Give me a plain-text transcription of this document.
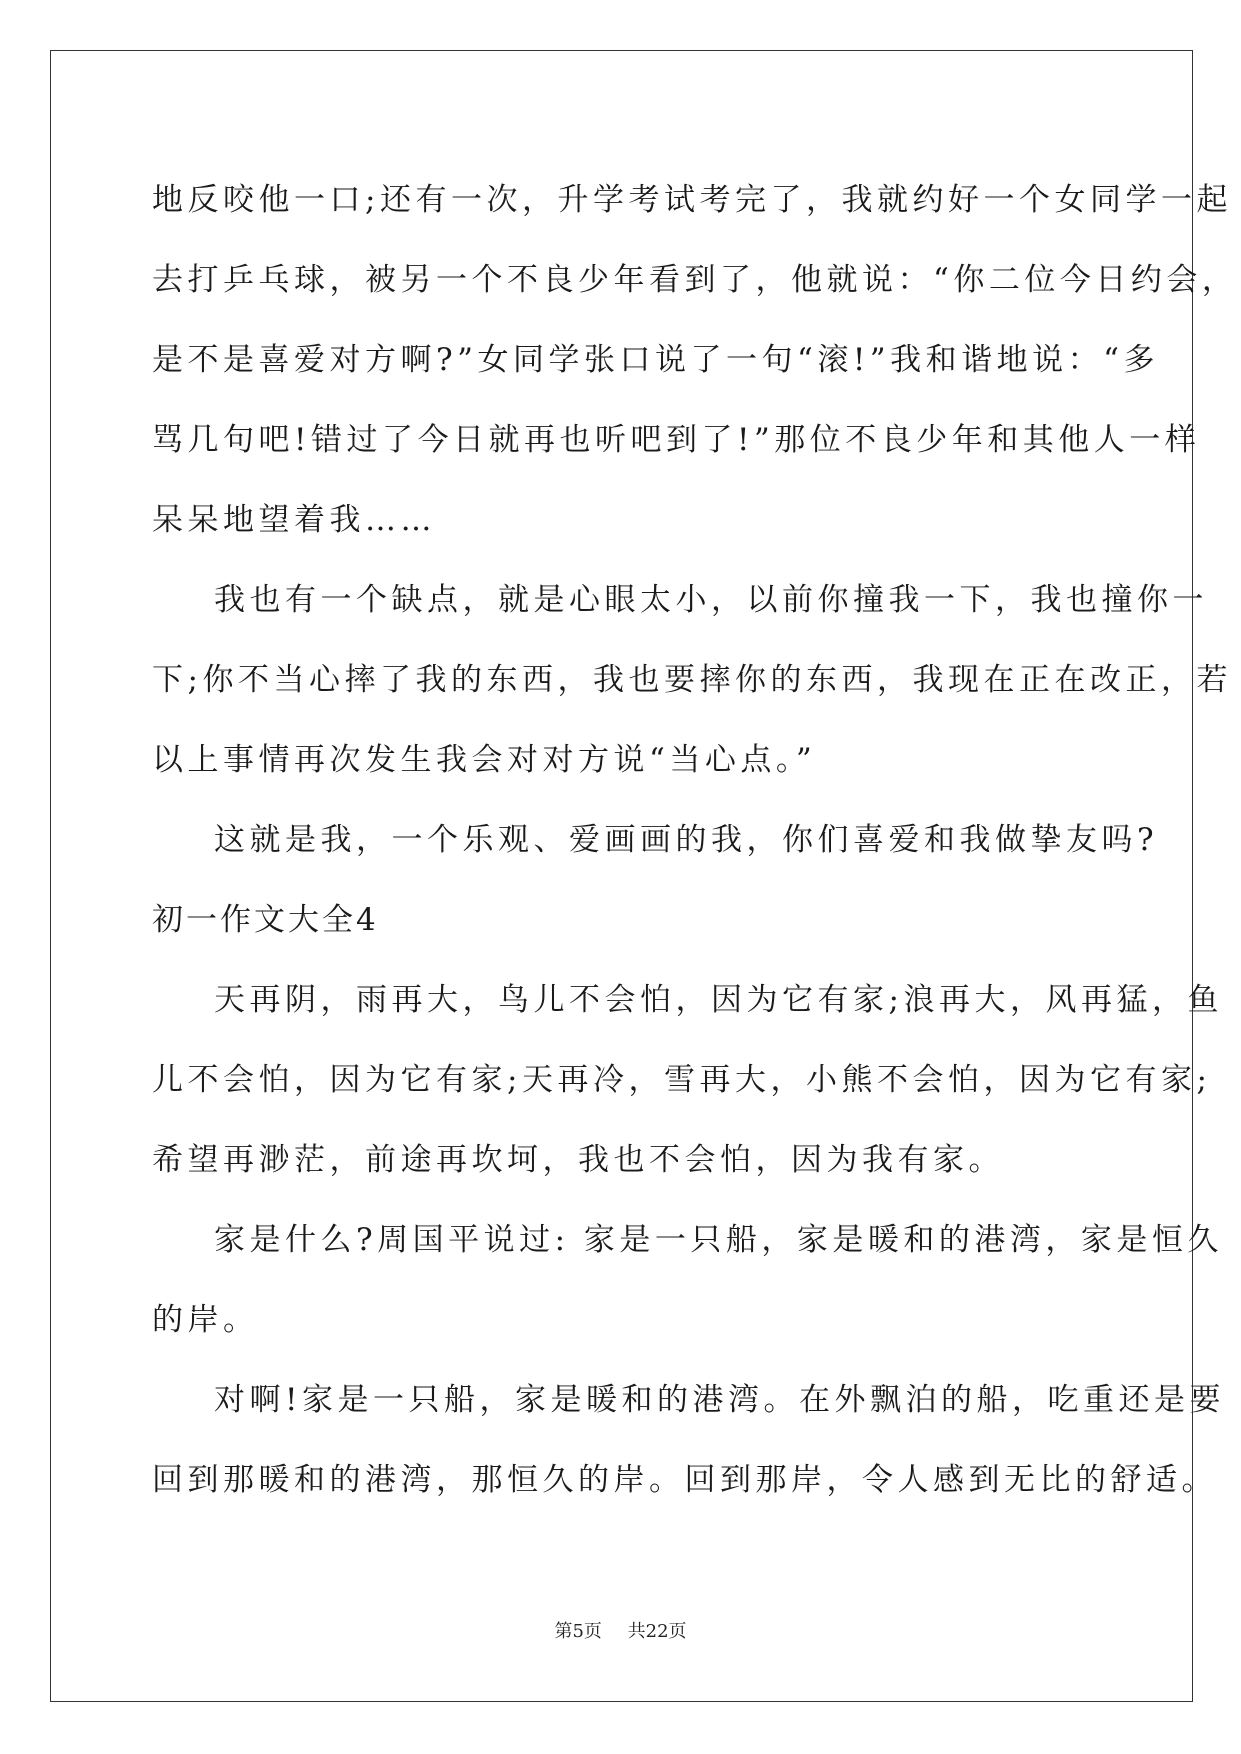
地反咬他一口;还有一次，升学考试考完了，我就约好一个女同学一起
去打乒乓球，被另一个不良少年看到了，他就说：“你二位今日约会，
是不是喜爱对方啊?”女同学张口说了一句“滚!”我和谐地说：“多
骂几句吧!错过了今日就再也听吧到了!”那位不良少年和其他人一样
呆呆地望着我……

我也有一个缺点，就是心眼太小，以前你撞我一下，我也撞你一
下;你不当心摔了我的东西，我也要摔你的东西，我现在正在改正，若
以上事情再次发生我会对对方说“当心点。”

这就是我，一个乐观、爱画画的我，你们喜爱和我做挚友吗?

初一作文大全4

天再阴，雨再大，鸟儿不会怕，因为它有家;浪再大，风再猛，鱼
儿不会怕，因为它有家;天再冷，雪再大，小熊不会怕，因为它有家;
希望再渺茫，前途再坎坷，我也不会怕，因为我有家。

家是什么?周国平说过: 家是一只船，家是暖和的港湾，家是恒久
的岸。

对啊!家是一只船，家是暖和的港湾。在外飘泊的船，吃重还是要
回到那暖和的港湾，那恒久的岸。回到那岸，令人感到无比的舒适。

第5页 共22页
